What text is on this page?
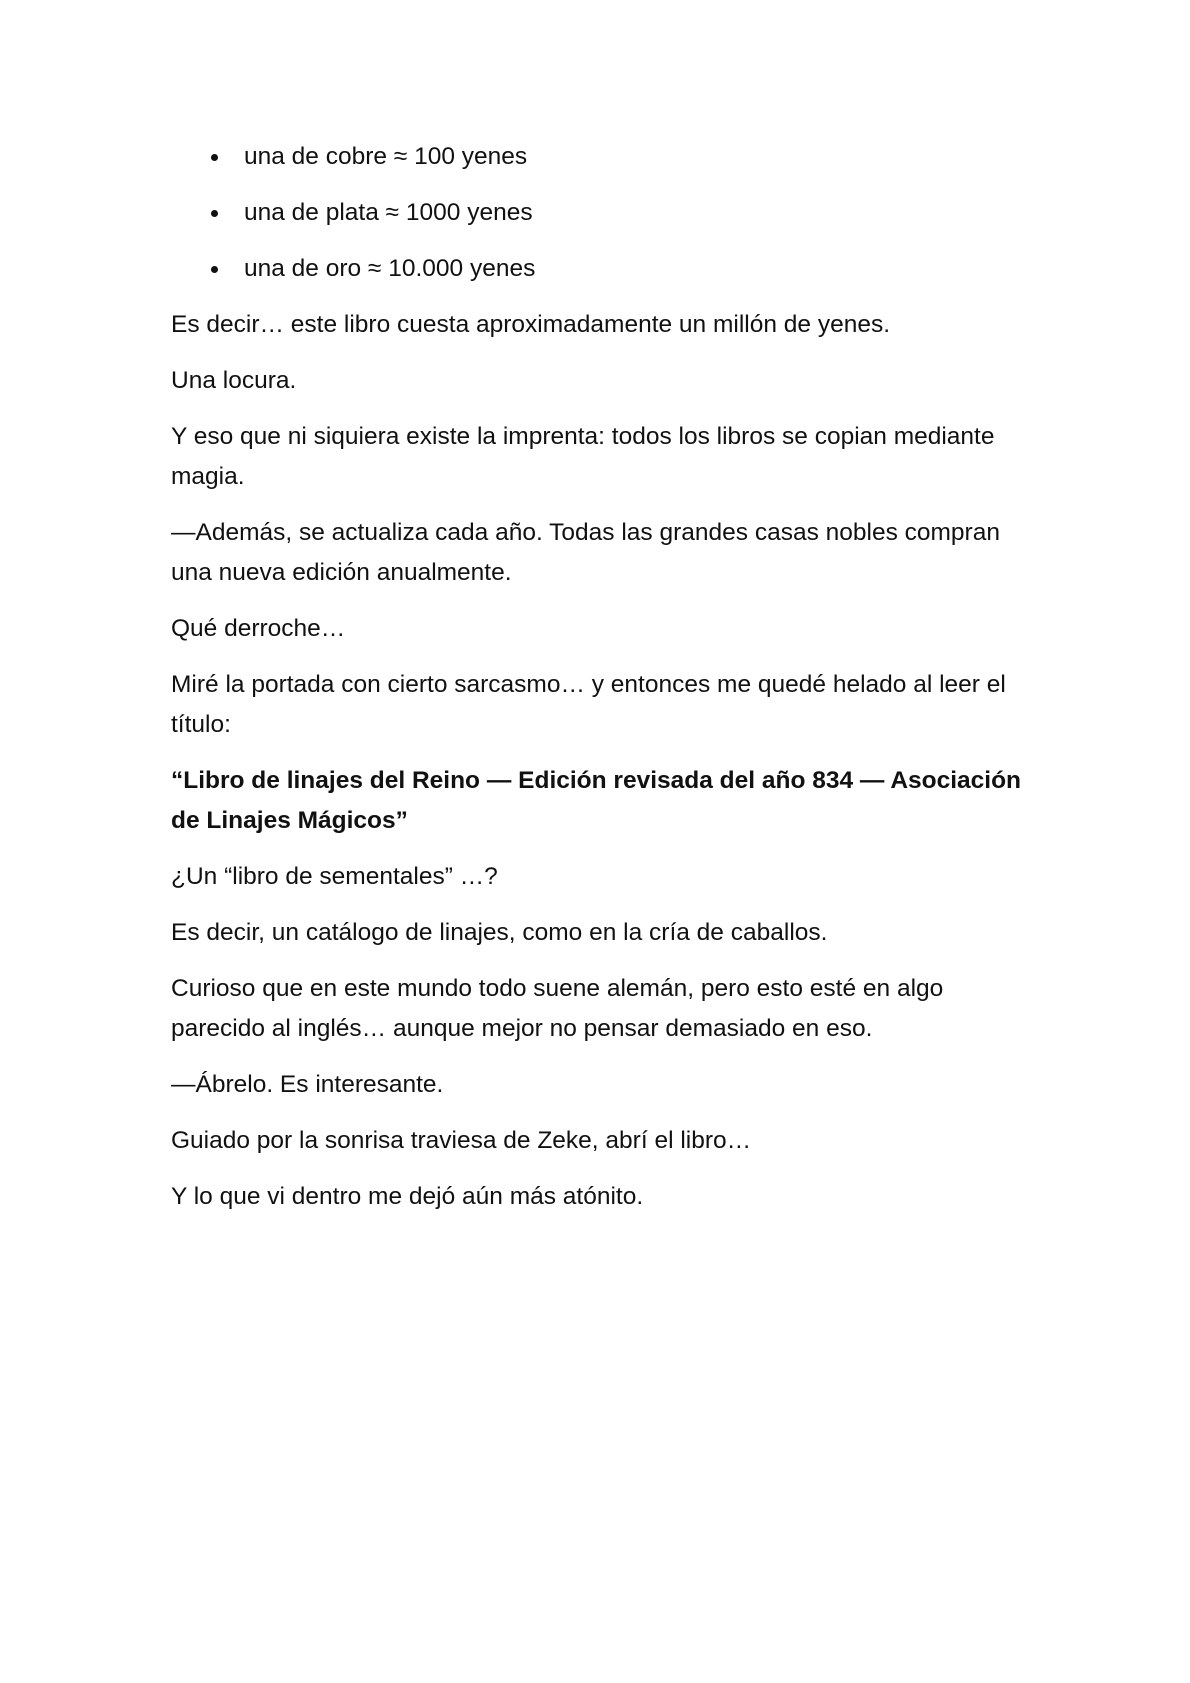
una de cobre ≈ 100 yenes
una de plata ≈ 1000 yenes
una de oro ≈ 10.000 yenes

Es decir… este libro cuesta aproximadamente un millón de yenes.

Una locura.

Y eso que ni siquiera existe la imprenta: todos los libros se copian mediante magia.

—Además, se actualiza cada año. Todas las grandes casas nobles compran una nueva edición anualmente.

Qué derroche…

Miré la portada con cierto sarcasmo… y entonces me quedé helado al leer el título:

“Libro de linajes del Reino — Edición revisada del año 834 — Asociación de Linajes Mágicos”

¿Un “libro de sementales” …?

Es decir, un catálogo de linajes, como en la cría de caballos.

Curioso que en este mundo todo suene alemán, pero esto esté en algo parecido al inglés… aunque mejor no pensar demasiado en eso.

—Ábrelo. Es interesante.

Guiado por la sonrisa traviesa de Zeke, abrí el libro…

Y lo que vi dentro me dejó aún más atónito.
